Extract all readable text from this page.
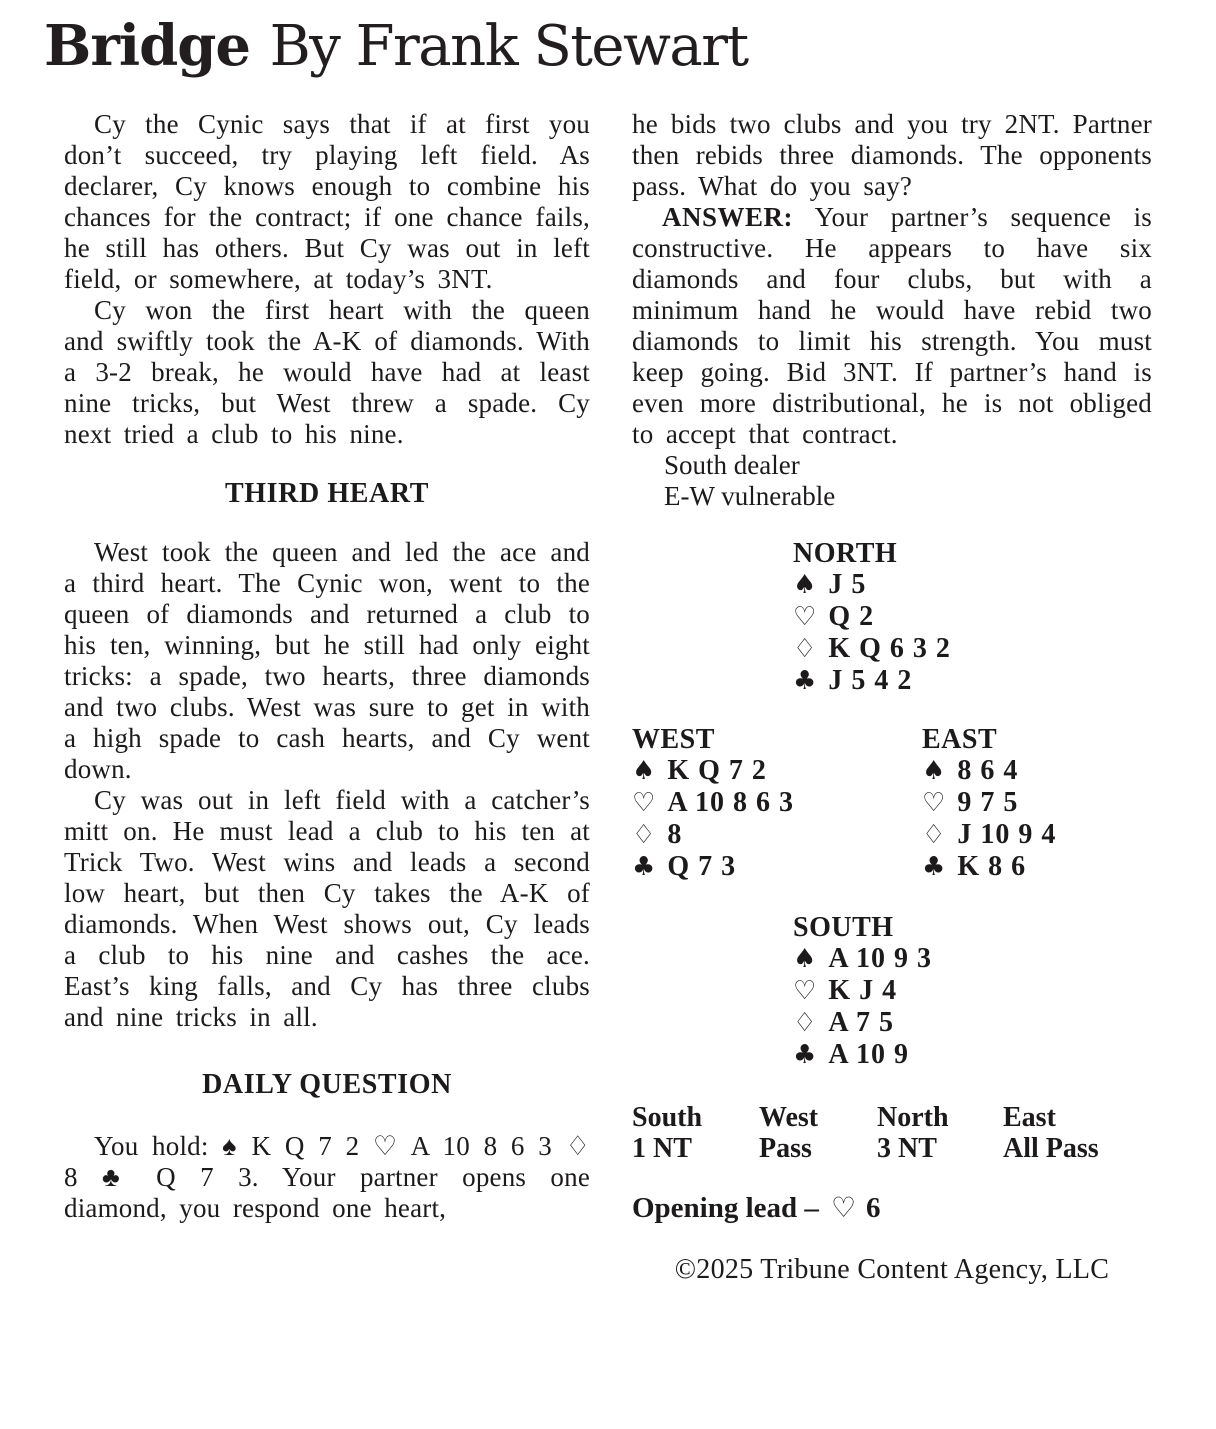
Bridge By Frank Stewart

Cy the Cynic says that if at first you don’t succeed, try playing left field. As declarer, Cy knows enough to combine his chances for the contract; if one chance fails, he still has others. But Cy was out in left field, or somewhere, at today’s 3NT.

Cy won the first heart with the queen and swiftly took the A-K of diamonds. With a 3-2 break, he would have had at least nine tricks, but West threw a spade. Cy next tried a club to his nine.

THIRD HEART

West took the queen and led the ace and a third heart. The Cynic won, went to the queen of diamonds and returned a club to his ten, winning, but he still had only eight tricks: a spade, two hearts, three diamonds and two clubs. West was sure to get in with a high spade to cash hearts, and Cy went down.

Cy was out in left field with a catcher’s mitt on. He must lead a club to his ten at Trick Two. West wins and leads a second low heart, but then Cy takes the A-K of diamonds. When West shows out, Cy leads a club to his nine and cashes the ace. East’s king falls, and Cy has three clubs and nine tricks in all.

DAILY QUESTION

You hold: ♠ K Q 7 2 ♡ A 10 8 6 3 ♢ 8 ♣ Q 7 3. Your partner opens one diamond, you respond one heart,

he bids two clubs and you try 2NT. Partner then rebids three diamonds. The opponents pass. What do you say?

ANSWER: Your partner’s sequence is constructive. He appears to have six diamonds and four clubs, but with a minimum hand he would have rebid two diamonds to limit his strength. You must keep going. Bid 3NT. If partner’s hand is even more distributional, he is not obliged to accept that contract.

South dealer
E-W vulnerable
NORTH
♠ J 5
♡ Q 2
♢ K Q 6 3 2
♣ J 5 4 2
WEST
♠ K Q 7 2
♡ A 10 8 6 3
♢ 8
♣ Q 7 3
EAST
♠ 8 6 4
♡ 9 7 5
♢ J 10 9 4
♣ K 8 6
SOUTH
♠ A 10 9 3
♡ K J 4
♢ A 7 5
♣ A 10 9
South	West	North	East
1 NT	Pass	3 NT	All Pass
Opening lead – ♡ 6
©2025 Tribune Content Agency, LLC
